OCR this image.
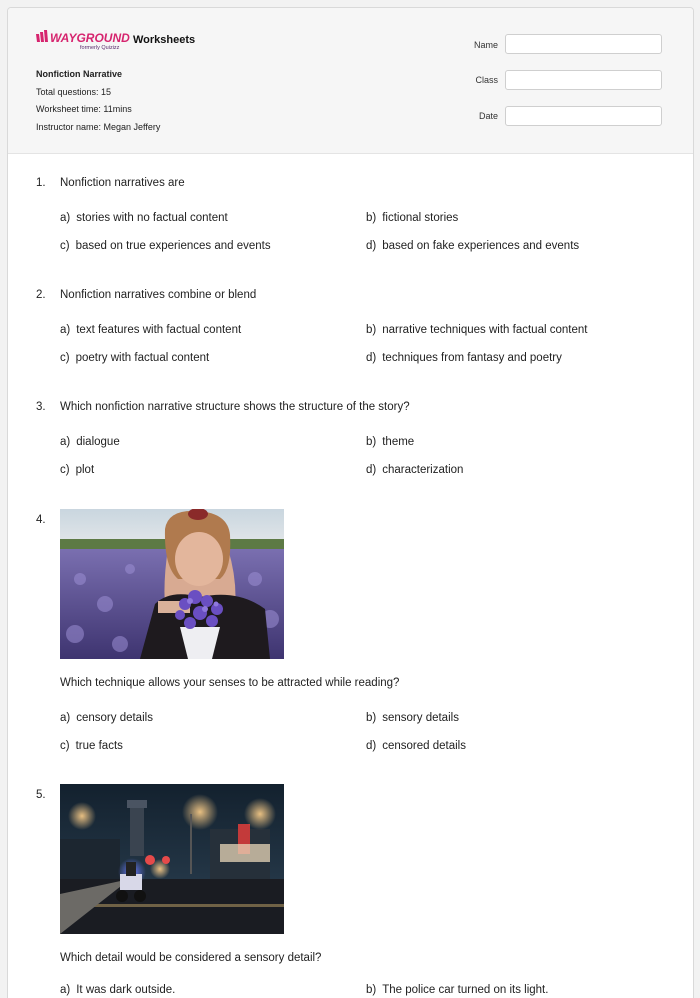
WAYGROUND
formerly Quizizz
Worksheets
Nonfiction Narrative
Total questions: 15
Worksheet time: 11mins
Instructor name: Megan Jeffery
Name
Class
Date
1. Nonfiction narratives are
a) stories with no factual content	b) fictional stories
c) based on true experiences and events	d) based on fake experiences and events
2. Nonfiction narratives combine or blend
a) text features with factual content	b) narrative techniques with factual content
c) poetry with factual content	d) techniques from fantasy and poetry
3. Which nonfiction narrative structure shows the structure of the story?
a) dialogue	b) theme
c) plot	d) characterization
4.
Which technique allows your senses to be attracted while reading?
a) censory details	b) sensory details
c) true facts	d) censored details
5.
Which detail would be considered a sensory detail?
a) It was dark outside.	b) The police car turned on its light.
